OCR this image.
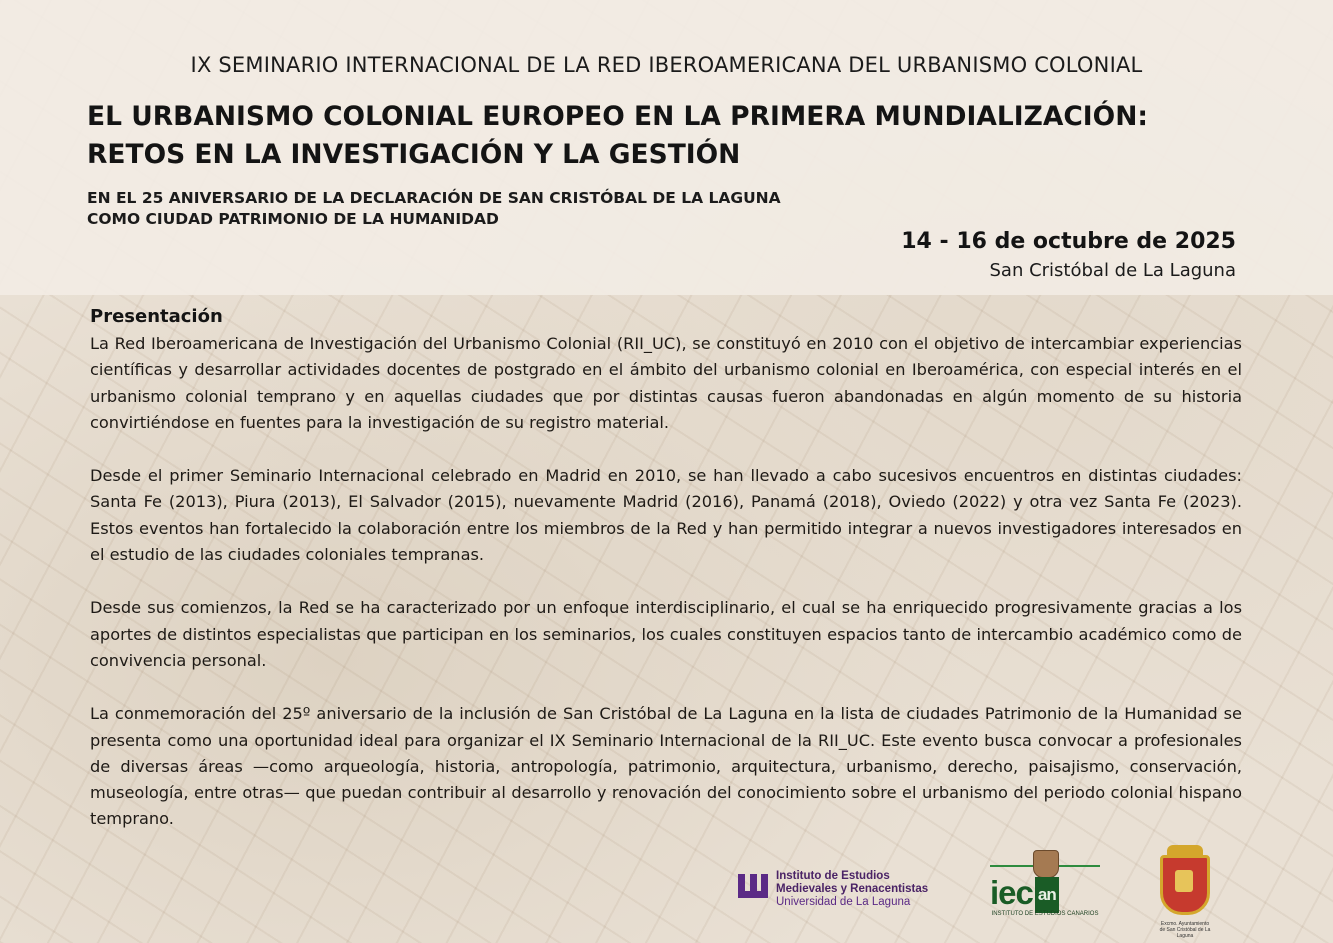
IX SEMINARIO INTERNACIONAL DE LA RED IBEROAMERICANA DEL URBANISMO COLONIAL
EL URBANISMO COLONIAL EUROPEO EN LA PRIMERA MUNDIALIZACIÓN:
RETOS EN LA INVESTIGACIÓN Y LA GESTIÓN
EN EL 25 ANIVERSARIO DE LA DECLARACIÓN DE SAN CRISTÓBAL DE LA LAGUNA
COMO CIUDAD PATRIMONIO DE LA HUMANIDAD
14 - 16 de octubre de 2025
San Cristóbal de La Laguna
Presentación

La Red Iberoamericana de Investigación del Urbanismo Colonial (RII_UC), se constituyó en 2010 con el objetivo de intercambiar experiencias científicas y desarrollar actividades docentes de postgrado en el ámbito del urbanismo colonial en Iberoamérica, con especial interés en el urbanismo colonial temprano y en aquellas ciudades que por distintas causas fueron abandonadas en algún momento de su historia convirtiéndose en fuentes para la investigación de su registro material.

Desde el primer Seminario Internacional celebrado en Madrid en 2010, se han llevado a cabo sucesivos encuentros en distintas ciudades: Santa Fe (2013), Piura (2013), El Salvador (2015), nuevamente Madrid (2016), Panamá (2018), Oviedo (2022) y otra vez Santa Fe (2023). Estos eventos han fortalecido la colaboración entre los miembros de la Red y han permitido integrar a nuevos investigadores interesados en el estudio de las ciudades coloniales tempranas.

Desde sus comienzos, la Red se ha caracterizado por un enfoque interdisciplinario, el cual se ha enriquecido progresivamente gracias a los aportes de distintos especialistas que participan en los seminarios, los cuales constituyen espacios tanto de intercambio académico como de convivencia personal.

La conmemoración del 25º aniversario de la inclusión de San Cristóbal de La Laguna en la lista de ciudades Patrimonio de la Humanidad se presenta como una oportunidad ideal para organizar el IX Seminario Internacional de la RII_UC. Este evento busca convocar a profesionales de diversas áreas —como arqueología, historia, antropología, patrimonio, arquitectura, urbanismo, derecho, paisajismo, conservación, museología, entre otras— que puedan contribuir al desarrollo y renovación del conocimiento sobre el urbanismo del periodo colonial hispano temprano.

Instituto de Estudios
Medievales y Renacentistas
Universidad de La Laguna	iec an
INSTITUTO DE ESTUDIOS CANARIOS
Excmo. Ayuntamiento
de San Cristóbal de La Laguna
